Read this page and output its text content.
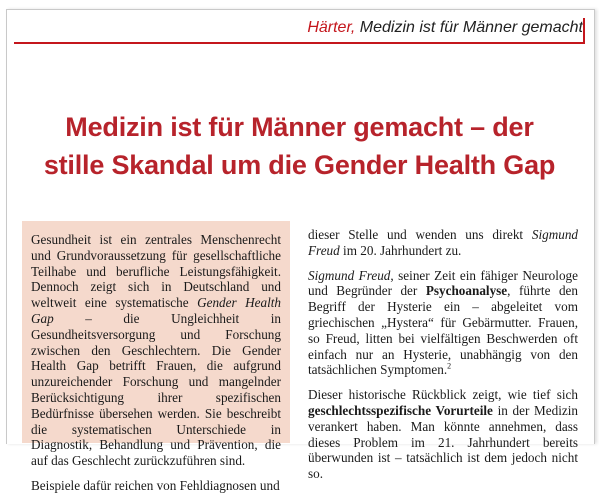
Härter, Medizin ist für Männer gemacht
Medizin ist für Männer gemacht – der
stille Skandal um die Gender Health Gap

Gesundheit ist ein zentrales Menschenrecht und Grundvoraussetzung für gesellschaftliche Teilhabe und berufliche Leistungsfähigkeit. Dennoch zeigt sich in Deutschland und weltweit eine systematische Gender Health Gap – die Ungleichheit in Gesundheitsversorgung und Forschung zwischen den Geschlechtern. Die Gender Health Gap betrifft Frauen, die aufgrund unzureichender Forschung und mangelnder Berücksichtigung ihrer spezifischen Bedürfnisse übersehen werden. Sie beschreibt die systematischen Unterschiede in Diagnostik, Behandlung und Prävention, die auf das Geschlecht zurückzuführen sind.

Beispiele dafür reichen von Fehldiagnosen und

dieser Stelle und wenden uns direkt Sigmund Freud im 20. Jahrhundert zu.

Sigmund Freud, seiner Zeit ein fähiger Neurologe und Begründer der Psychoanalyse, führte den Begriff der Hysterie ein – abgeleitet vom griechischen „Hystera“ für Gebärmutter. Frauen, so Freud, litten bei vielfältigen Beschwerden oft einfach nur an Hysterie, unabhängig von den tatsächlichen Symptomen.$^2$

Dieser historische Rückblick zeigt, wie tief sich geschlechtsspezifische Vorurteile in der Medizin verankert haben. Man könnte annehmen, dass dieses Problem im 21. Jahrhundert bereits überwunden ist – tatsächlich ist dem jedoch nicht so.
